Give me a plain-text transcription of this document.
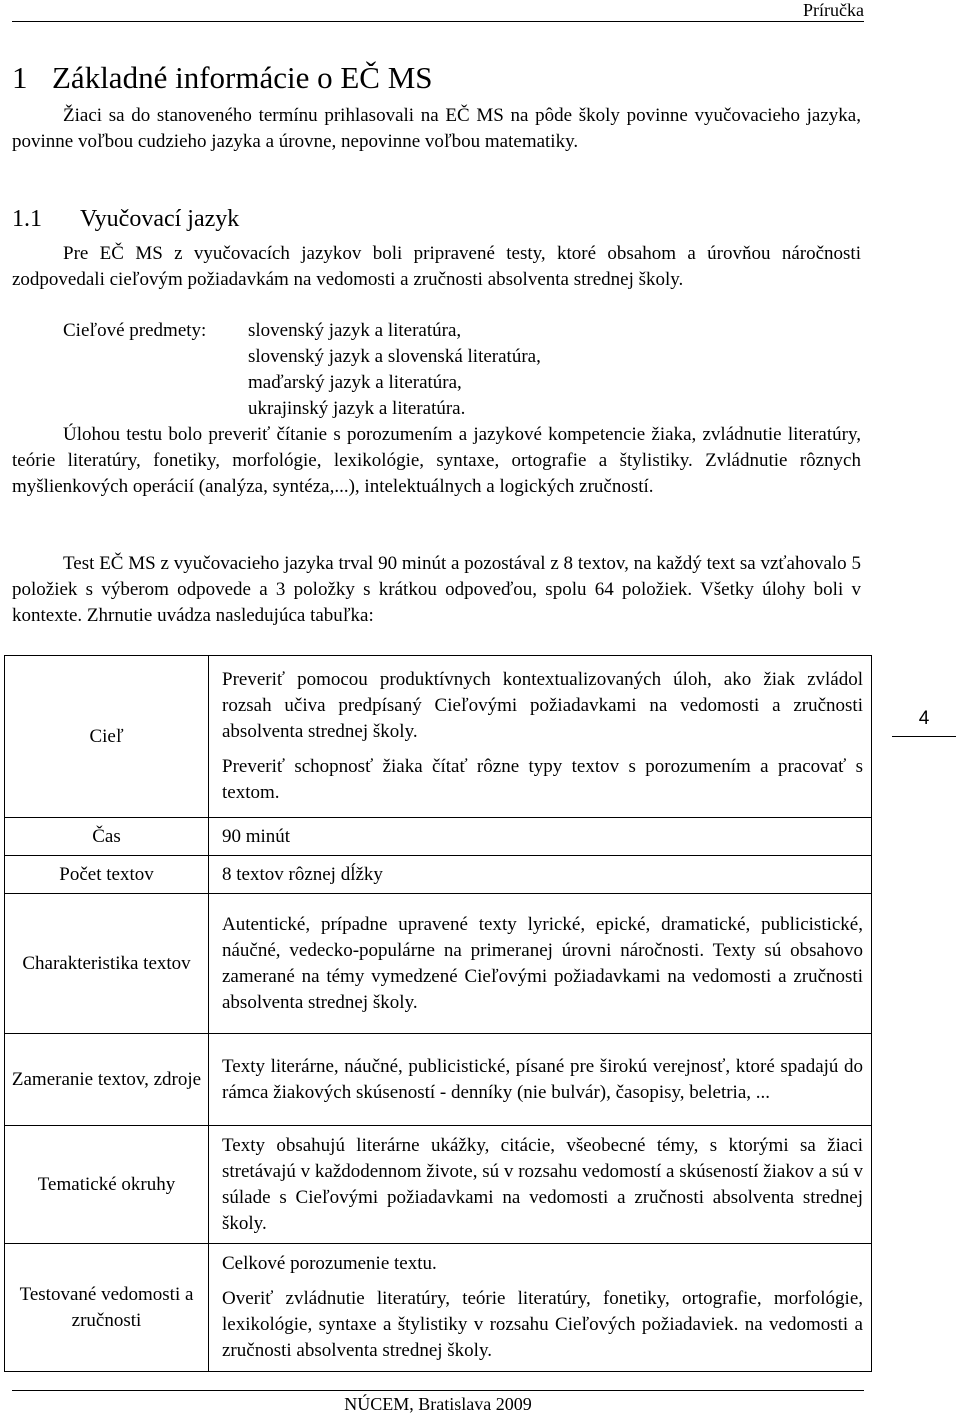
Príručka
1 Základné informácie o EČ MS

Žiaci sa do stanoveného termínu prihlasovali na EČ MS na pôde školy povinne vyučovacieho jazyka, povinne voľbou cudzieho jazyka a úrovne, nepovinne voľbou matematiky.

1.1 Vyučovací jazyk

Pre EČ MS z vyučovacích jazykov boli pripravené testy, ktoré obsahom a úrovňou náročnosti zodpovedali cieľovým požiadavkám na vedomosti a zručnosti absolventa strednej školy.

Cieľové predmety: slovenský jazyk a literatúra,
slovenský jazyk a slovenská literatúra,
maďarský jazyk a literatúra,
ukrajinský jazyk a literatúra.

Úlohou testu bolo preveriť čítanie s porozumením a jazykové kompetencie žiaka, zvládnutie literatúry, teórie literatúry, fonetiky, morfológie, lexikológie, syntaxe, ortografie a štylistiky. Zvládnutie rôznych myšlienkových operácií (analýza, syntéza,...), intelektuálnych a logických zručností.

Test EČ MS z vyučovacieho jazyka trval 90 minút a pozostával z 8 textov, na každý text sa vzťahovalo 5 položiek s výberom odpovede a 3 položky s krátkou odpoveďou, spolu 64 položiek. Všetky úlohy boli v kontexte. Zhrnutie uvádza nasledujúca tabuľka:

Cieľ	Preveriť pomocou produktívnych kontextualizovaných úloh, ako žiak zvládol rozsah učiva predpísaný Cieľovými požiadavkami na vedomosti a zručnosti absolventa strednej školy.

Preveriť schopnosť žiaka čítať rôzne typy textov s porozumením a pracovať s textom.

Čas	90 minút

Počet textov	8 textov rôznej dĺžky

Charakteristika textov	Autentické, prípadne upravené texty lyrické, epické, dramatické, publicistické, náučné, vedecko-populárne na primeranej úrovni náročnosti. Texty sú obsahovo zamerané na témy vymedzené Cieľovými požiadavkami na vedomosti a zručnosti absolventa strednej školy.

Zameranie textov, zdroje	Texty literárne, náučné, publicistické, písané pre širokú verejnosť, ktoré spadajú do rámca žiakových skúseností - denníky (nie bulvár), časopisy, beletria, ...

Tematické okruhy	Texty obsahujú literárne ukážky, citácie, všeobecné témy, s ktorými sa žiaci stretávajú v každodennom živote, sú v rozsahu vedomostí a skúseností žiakov a sú v súlade s Cieľovými požiadavkami na vedomosti a zručnosti absolventa strednej školy.

Testované vedomosti a zručnosti	Celkové porozumenie textu.

Overiť zvládnutie literatúry, teórie literatúry, fonetiky, ortografie, morfológie, lexikológie, syntaxe a štylistiky v rozsahu Cieľových požiadaviek. na vedomosti a zručnosti absolventa strednej školy.

4
NÚCEM, Bratislava 2009
